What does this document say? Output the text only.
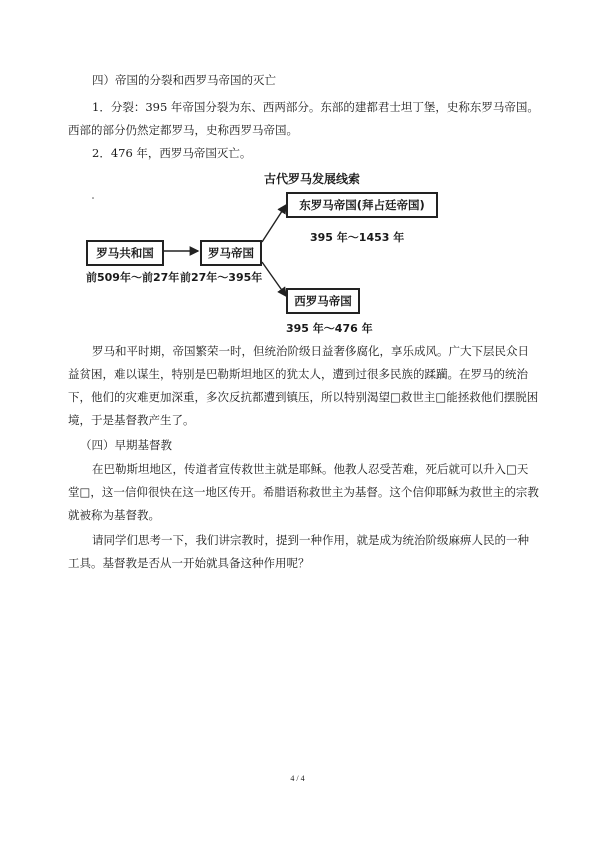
四）帝国的分裂和西罗马帝国的灭亡
1．分裂：395 年帝国分裂为东、西两部分。东部的建都君士坦丁堡，史称东罗马帝国。
西部的部分仍然定都罗马，史称西罗马帝国。
2．476 年，西罗马帝国灭亡。
古代罗马发展线索
罗马共和国
前509年～前27年
罗马帝国
前27年～395年
东罗马帝国(拜占廷帝国)
395 年～1453 年
西罗马帝国
395 年～476 年
罗马和平时期，帝国繁荣一时，但统治阶级日益奢侈腐化，享乐成风。广大下层民众日
益贫困，难以谋生，特别是巴勒斯坦地区的犹太人，遭到过很多民族的蹂躏。在罗马的统治
下，他们的灾难更加深重，多次反抗都遭到镇压，所以特别渴望□救世主□能拯救他们摆脱困
境，于是基督教产生了。
（四）早期基督教
在巴勒斯坦地区，传道者宣传救世主就是耶稣。他教人忍受苦难，死后就可以升入□天
堂□，这一信仰很快在这一地区传开。希腊语称救世主为基督。这个信仰耶稣为救世主的宗教
就被称为基督教。
请同学们思考一下，我们讲宗教时，提到一种作用，就是成为统治阶级麻痹人民的一种
工具。基督教是否从一开始就具备这种作用呢？
4 / 4
